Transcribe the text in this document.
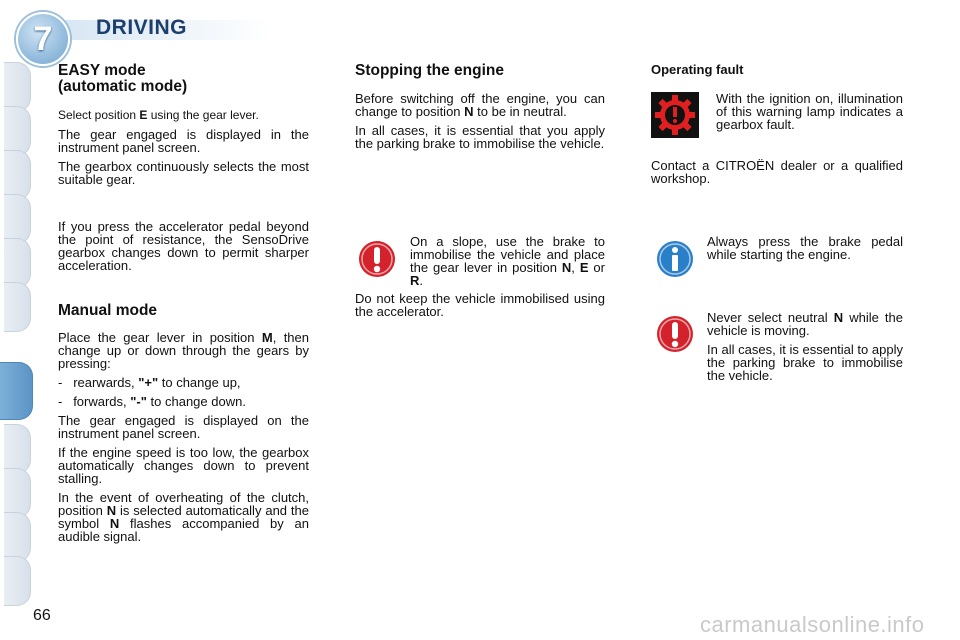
7	DRIVING
EASY mode
(automatic mode)

Select position E using the gear lever.

The gear engaged is displayed in the instrument panel screen.

The gearbox continuously selects the most suitable gear.

If you press the accelerator pedal beyond the point of resistance, the SensoDrive gearbox changes down to permit sharper acceleration.

Manual mode

Place the gear lever in position M, then change up or down through the gears by pressing:

- rearwards, "+" to change up,

- forwards, "-" to change down.

The gear engaged is displayed on the instrument panel screen.

If the engine speed is too low, the gearbox automatically changes down to prevent stalling.

In the event of overheating of the clutch, position N is selected automatically and the symbol N flashes accompanied by an audible signal.

Stopping the engine

Before switching off the engine, you can change to position N to be in neutral.

In all cases, it is essential that you apply the parking brake to immobilise the vehicle.

On a slope, use the brake to immobilise the vehicle and place the gear lever in position N, E or R.
Do not keep the vehicle immobilised using the accelerator.
Operating fault
With the ignition on, illumination of this warning lamp indicates a gearbox fault.
Contact a CITROËN dealer or a qualified workshop.
Always press the brake pedal while starting the engine.

Never select neutral N while the vehicle is moving.

In all cases, it is essential to apply the parking brake to immobilise the vehicle.

66	carmanualsonline.info
